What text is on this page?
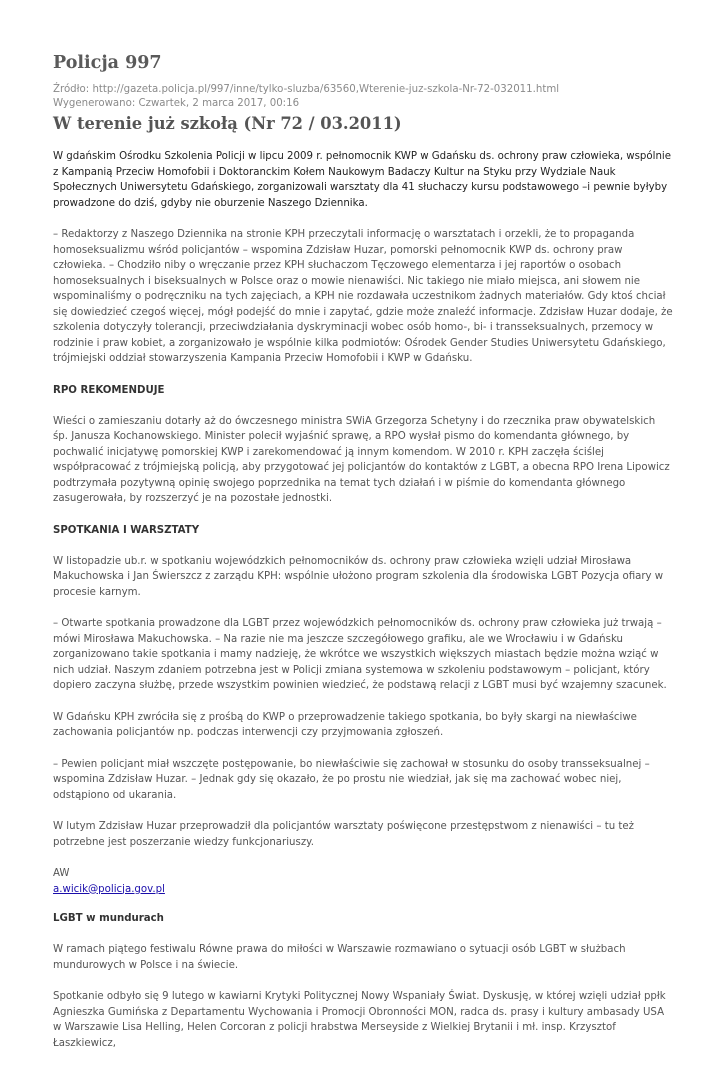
Policja 997

Źródło: http://gazeta.policja.pl/997/inne/tylko-sluzba/63560,Wterenie-juz-szkola-Nr-72-032011.html

Wygenerowano: Czwartek, 2 marca 2017, 00:16

W terenie już szkołą (Nr 72 / 03.2011)

W gdańskim Ośrodku Szkolenia Policji w lipcu 2009 r. pełnomocnik KWP w Gdańsku ds. ochrony praw człowieka, wspólnie z Kampanią Przeciw Homofobii i Doktoranckim Kołem Naukowym Badaczy Kultur na Styku przy Wydziale Nauk Społecznych Uniwersytetu Gdańskiego, zorganizowali warsztaty dla 41 słuchaczy kursu podstawowego –i pewnie byłyby prowadzone do dziś, gdyby nie oburzenie Naszego Dziennika.

– Redaktorzy z Naszego Dziennika na stronie KPH przeczytali informację o warsztatach i orzekli, że to propaganda homoseksualizmu wśród policjantów – wspomina Zdzisław Huzar, pomorski pełnomocnik KWP ds. ochrony praw człowieka. – Chodziło niby o wręczanie przez KPH słuchaczom Tęczowego elementarza i jej raportów o osobach homoseksualnych i biseksualnych w Polsce oraz o mowie nienawiści. Nic takiego nie miało miejsca, ani słowem nie wspominaliśmy o podręczniku na tych zajęciach, a KPH nie rozdawała uczestnikom żadnych materiałów. Gdy ktoś chciał się dowiedzieć czegoś więcej, mógł podejść do mnie i zapytać, gdzie może znaleźć informacje. Zdzisław Huzar dodaje, że szkolenia dotyczyły tolerancji, przeciwdziałania dyskryminacji wobec osób homo-, bi- i transseksualnych, przemocy w rodzinie i praw kobiet, a zorganizowało je wspólnie kilka podmiotów: Ośrodek Gender Studies Uniwersytetu Gdańskiego, trójmiejski oddział stowarzyszenia Kampania Przeciw Homofobii i KWP w Gdańsku.

RPO REKOMENDUJE

Wieści o zamieszaniu dotarły aż do ówczesnego ministra SWiA Grzegorza Schetyny i do rzecznika praw obywatelskich śp. Janusza Kochanowskiego. Minister polecił wyjaśnić sprawę, a RPO wysłał pismo do komendanta głównego, by pochwalić inicjatywę pomorskiej KWP i zarekomendować ją innym komendom. W 2010 r. KPH zaczęła ściślej współpracować z trójmiejską policją, aby przygotować jej policjantów do kontaktów z LGBT, a obecna RPO Irena Lipowicz podtrzymała pozytywną opinię swojego poprzednika na temat tych działań i w piśmie do komendanta głównego zasugerowała, by rozszerzyć je na pozostałe jednostki.

SPOTKANIA I WARSZTATY

W listopadzie ub.r. w spotkaniu wojewódzkich pełnomocników ds. ochrony praw człowieka wzięli udział Mirosława Makuchowska i Jan Świerszcz z zarządu KPH: wspólnie ułożono program szkolenia dla środowiska LGBT Pozycja ofiary w procesie karnym.

– Otwarte spotkania prowadzone dla LGBT przez wojewódzkich pełnomocników ds. ochrony praw człowieka już trwają – mówi Mirosława Makuchowska. – Na razie nie ma jeszcze szczegółowego grafiku, ale we Wrocławiu i w Gdańsku zorganizowano takie spotkania i mamy nadzieję, że wkrótce we wszystkich większych miastach będzie można wziąć w nich udział. Naszym zdaniem potrzebna jest w Policji zmiana systemowa w szkoleniu podstawowym – policjant, który dopiero zaczyna służbę, przede wszystkim powinien wiedzieć, że podstawą relacji z LGBT musi być wzajemny szacunek.

W Gdańsku KPH zwróciła się z prośbą do KWP o przeprowadzenie takiego spotkania, bo były skargi na niewłaściwe zachowania policjantów np. podczas interwencji czy przyjmowania zgłoszeń.

– Pewien policjant miał wszczęte postępowanie, bo niewłaściwie się zachował w stosunku do osoby transseksualnej – wspomina Zdzisław Huzar. – Jednak gdy się okazało, że po prostu nie wiedział, jak się ma zachować wobec niej, odstąpiono od ukarania.

W lutym Zdzisław Huzar przeprowadził dla policjantów warsztaty poświęcone przestępstwom z nienawiści – tu też potrzebne jest poszerzanie wiedzy funkcjonariuszy.

AW
a.wicik@policja.gov.pl
LGBT w mundurach

W ramach piątego festiwalu Równe prawa do miłości w Warszawie rozmawiano o sytuacji osób LGBT w służbach mundurowych w Polsce i na świecie.

Spotkanie odbyło się 9 lutego w kawiarni Krytyki Politycznej Nowy Wspaniały Świat. Dyskusję, w której wzięli udział ppłk Agnieszka Gumińska z Departamentu Wychowania i Promocji Obronności MON, radca ds. prasy i kultury ambasady USA w Warszawie Lisa Helling, Helen Corcoran z policji hrabstwa Merseyside z Wielkiej Brytanii i mł. insp. Krzysztof Łaszkiewicz,
